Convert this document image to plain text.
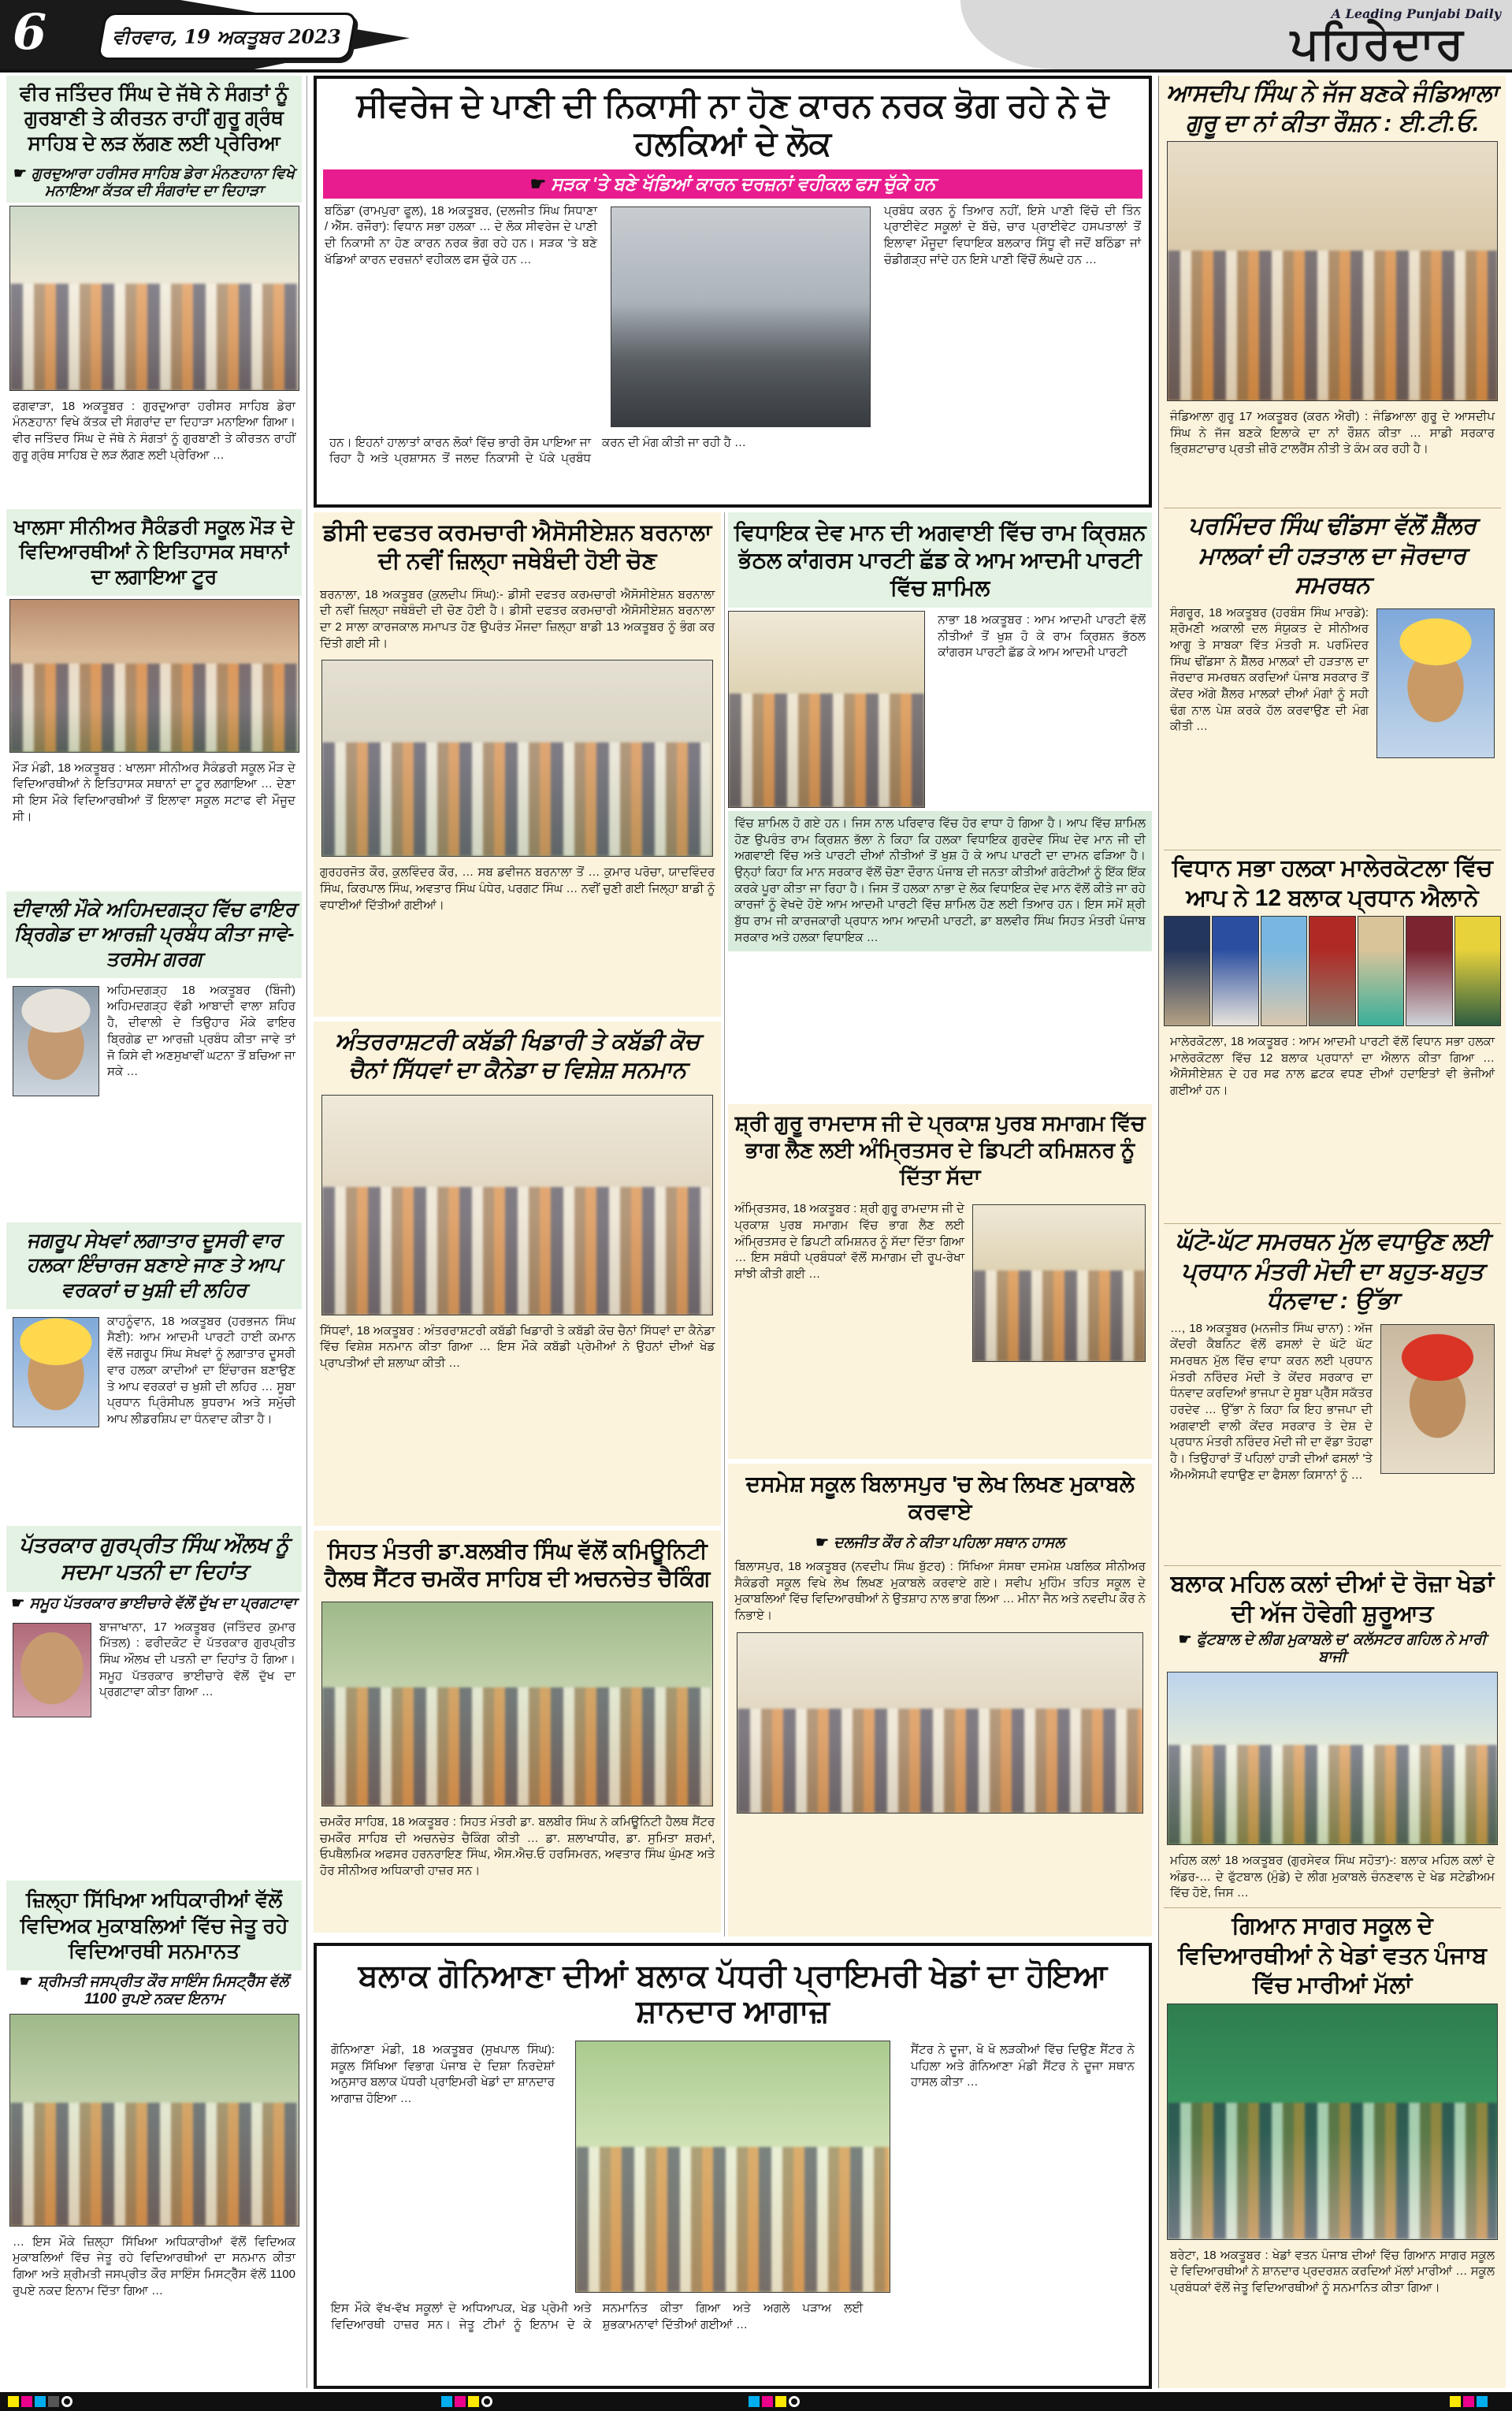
6	ਵੀਰਵਾਰ, 19 ਅਕਤੂਬਰ 2023
A Leading Punjabi Daily
ਪਹਿਰੇਦਾਰ
ਵੀਰ ਜਤਿੰਦਰ ਸਿੰਘ ਦੇ ਜੱਥੇ ਨੇ ਸੰਗਤਾਂ ਨੂੰ ਗੁਰਬਾਣੀ ਤੇ ਕੀਰਤਨ ਰਾਹੀਂ ਗੁਰੂ ਗ੍ਰੰਥ ਸਾਹਿਬ ਦੇ ਲੜ ਲੱਗਣ ਲਈ ਪ੍ਰੇਰਿਆ
☛ ਗੁਰਦੁਆਰਾ ਹਰੀਸਰ ਸਾਹਿਬ ਡੇਰਾ ਮੰਨਣਹਾਨਾ ਵਿਖੇ ਮਨਾਇਆ ਕੱਤਕ ਦੀ ਸੰਗਰਾਂਦ ਦਾ ਦਿਹਾੜਾ
ਫਗਵਾੜਾ, 18 ਅਕਤੂਬਰ : ਗੁਰਦੁਆਰਾ ਹਰੀਸਰ ਸਾਹਿਬ ਡੇਰਾ ਮੰਨਣਹਾਨਾ ਵਿਖੇ ਕੱਤਕ ਦੀ ਸੰਗਰਾਂਦ ਦਾ ਦਿਹਾੜਾ ਮਨਾਇਆ ਗਿਆ। ਵੀਰ ਜਤਿੰਦਰ ਸਿੰਘ ਦੇ ਜੱਥੇ ਨੇ ਸੰਗਤਾਂ ਨੂੰ ਗੁਰਬਾਣੀ ਤੇ ਕੀਰਤਨ ਰਾਹੀਂ ਗੁਰੂ ਗ੍ਰੰਥ ਸਾਹਿਬ ਦੇ ਲੜ ਲੱਗਣ ਲਈ ਪ੍ਰੇਰਿਆ …
ਖਾਲਸਾ ਸੀਨੀਅਰ ਸੈਕੰਡਰੀ ਸਕੂਲ ਮੌੜ ਦੇ ਵਿਦਿਆਰਥੀਆਂ ਨੇ ਇਤਿਹਾਸਕ ਸਥਾਨਾਂ ਦਾ ਲਗਾਇਆ ਟੂਰ
ਮੌੜ ਮੰਡੀ, 18 ਅਕਤੂਬਰ : ਖਾਲਸਾ ਸੀਨੀਅਰ ਸੈਕੰਡਰੀ ਸਕੂਲ ਮੌੜ ਦੇ ਵਿਦਿਆਰਥੀਆਂ ਨੇ ਇਤਿਹਾਸਕ ਸਥਾਨਾਂ ਦਾ ਟੂਰ ਲਗਾਇਆ … ਦੇਣਾ ਸੀ ਇਸ ਮੌਕੇ ਵਿਦਿਆਰਥੀਆਂ ਤੋਂ ਇਲਾਵਾ ਸਕੂਲ ਸਟਾਫ ਵੀ ਮੌਜੂਦ ਸੀ।
ਦੀਵਾਲੀ ਮੌਕੇ ਅਹਿਮਦਗੜ੍ਹ ਵਿੱਚ ਫਾਇਰ ਬ੍ਰਿਗੇਡ ਦਾ ਆਰਜ਼ੀ ਪ੍ਰਬੰਧ ਕੀਤਾ ਜਾਵੇ-ਤਰਸੇਮ ਗਰਗ
ਅਹਿਮਦਗੜ੍ਹ 18 ਅਕਤੂਬਰ (ਬਿੰਜੀ) ਅਹਿਮਦਗੜ੍ਹ ਵੱਡੀ ਆਬਾਦੀ ਵਾਲਾ ਸ਼ਹਿਰ ਹੈ, ਦੀਵਾਲੀ ਦੇ ਤਿਉਹਾਰ ਮੌਕੇ ਫਾਇਰ ਬ੍ਰਿਗੇਡ ਦਾ ਆਰਜ਼ੀ ਪ੍ਰਬੰਧ ਕੀਤਾ ਜਾਵੇ ਤਾਂ ਜੋ ਕਿਸੇ ਵੀ ਅਣਸੁਖਾਵੀਂ ਘਟਨਾ ਤੋਂ ਬਚਿਆ ਜਾ ਸਕੇ …
ਜਗਰੂਪ ਸੇਖਵਾਂ ਲਗਾਤਾਰ ਦੂਸਰੀ ਵਾਰ ਹਲਕਾ ਇੰਚਾਰਜ ਬਣਾਏ ਜਾਣ ਤੇ ਆਪ ਵਰਕਰਾਂ ਚ ਖੁਸ਼ੀ ਦੀ ਲਹਿਰ
ਕਾਹਨੂੰਵਾਨ, 18 ਅਕਤੂਬਰ (ਹਰਭਜਨ ਸਿੰਘ ਸੈਣੀ): ਆਮ ਆਦਮੀ ਪਾਰਟੀ ਹਾਈ ਕਮਾਨ ਵੱਲੋਂ ਜਗਰੂਪ ਸਿੰਘ ਸੇਖਵਾਂ ਨੂੰ ਲਗਾਤਾਰ ਦੂਸਰੀ ਵਾਰ ਹਲਕਾ ਕਾਦੀਆਂ ਦਾ ਇੰਚਾਰਜ ਬਣਾਉਣ ਤੇ ਆਪ ਵਰਕਰਾਂ ਚ ਖੁਸ਼ੀ ਦੀ ਲਹਿਰ … ਸੂਬਾ ਪ੍ਰਧਾਨ ਪ੍ਰਿੰਸੀਪਲ ਬੁਧਰਾਮ ਅਤੇ ਸਮੁੱਚੀ ਆਪ ਲੀਡਰਸ਼ਿਪ ਦਾ ਧੰਨਵਾਦ ਕੀਤਾ ਹੈ।
ਪੱਤਰਕਾਰ ਗੁਰਪ੍ਰੀਤ ਸਿੰਘ ਔਲਖ ਨੂੰ ਸਦਮਾ ਪਤਨੀ ਦਾ ਦਿਹਾਂਤ
☛ ਸਮੂਹ ਪੱਤਰਕਾਰ ਭਾਈਚਾਰੇ ਵੱਲੋਂ ਦੁੱਖ ਦਾ ਪ੍ਰਗਟਾਵਾ
ਬਾਜਾਖਾਨਾ, 17 ਅਕਤੂਬਰ (ਜਤਿੰਦਰ ਕੁਮਾਰ ਮਿੱਤਲ) : ਫਰੀਦਕੋਟ ਦੇ ਪੱਤਰਕਾਰ ਗੁਰਪ੍ਰੀਤ ਸਿੰਘ ਔਲਖ ਦੀ ਪਤਨੀ ਦਾ ਦਿਹਾਂਤ ਹੋ ਗਿਆ। ਸਮੂਹ ਪੱਤਰਕਾਰ ਭਾਈਚਾਰੇ ਵੱਲੋਂ ਦੁੱਖ ਦਾ ਪ੍ਰਗਟਾਵਾ ਕੀਤਾ ਗਿਆ …
ਜ਼ਿਲ੍ਹਾ ਸਿੱਖਿਆ ਅਧਿਕਾਰੀਆਂ ਵੱਲੋਂ ਵਿਦਿਅਕ ਮੁਕਾਬਲਿਆਂ ਵਿੱਚ ਜੇਤੂ ਰਹੇ ਵਿਦਿਆਰਥੀ ਸਨਮਾਨਤ
☛ ਸ਼੍ਰੀਮਤੀ ਜਸਪ੍ਰੀਤ ਕੌਰ ਸਾਇੰਸ ਮਿਸਟ੍ਰੈੱਸ ਵੱਲੋਂ 1100 ਰੁਪਏ ਨਕਦ ਇਨਾਮ
… ਇਸ ਮੌਕੇ ਜ਼ਿਲ੍ਹਾ ਸਿੱਖਿਆ ਅਧਿਕਾਰੀਆਂ ਵੱਲੋਂ ਵਿਦਿਅਕ ਮੁਕਾਬਲਿਆਂ ਵਿੱਚ ਜੇਤੂ ਰਹੇ ਵਿਦਿਆਰਥੀਆਂ ਦਾ ਸਨਮਾਨ ਕੀਤਾ ਗਿਆ ਅਤੇ ਸ਼੍ਰੀਮਤੀ ਜਸਪ੍ਰੀਤ ਕੌਰ ਸਾਇੰਸ ਮਿਸਟ੍ਰੈੱਸ ਵੱਲੋਂ 1100 ਰੁਪਏ ਨਕਦ ਇਨਾਮ ਦਿੱਤਾ ਗਿਆ …
ਸੀਵਰੇਜ ਦੇ ਪਾਣੀ ਦੀ ਨਿਕਾਸੀ ਨਾ ਹੋਣ ਕਾਰਨ ਨਰਕ ਭੋਗ ਰਹੇ ਨੇ ਦੋ ਹਲਕਿਆਂ ਦੇ ਲੋਕ
☛ ਸੜਕ 'ਤੇ ਬਣੇ ਖੱਡਿਆਂ ਕਾਰਨ ਦਰਜ਼ਨਾਂ ਵਹੀਕਲ ਫਸ ਚੁੱਕੇ ਹਨ
ਬਠਿੰਡਾ (ਰਾਮਪੁਰਾ ਫੂਲ), 18 ਅਕਤੂਬਰ, (ਦਲਜੀਤ ਸਿੰਘ ਸਿਧਾਣਾ / ਐੱਸ. ਰਜੌਰਾ): ਵਿਧਾਨ ਸਭਾ ਹਲਕਾ … ਦੇ ਲੋਕ ਸੀਵਰੇਜ ਦੇ ਪਾਣੀ ਦੀ ਨਿਕਾਸੀ ਨਾ ਹੋਣ ਕਾਰਨ ਨਰਕ ਭੋਗ ਰਹੇ ਹਨ। ਸੜਕ 'ਤੇ ਬਣੇ ਖੱਡਿਆਂ ਕਾਰਨ ਦਰਜ਼ਨਾਂ ਵਹੀਕਲ ਫਸ ਚੁੱਕੇ ਹਨ …
ਪ੍ਰਬੰਧ ਕਰਨ ਨੂੰ ਤਿਆਰ ਨਹੀਂ, ਇਸੇ ਪਾਣੀ ਵਿੱਚੋ ਦੀ ਤਿੰਨ ਪ੍ਰਾਈਵੇਟ ਸਕੂਲਾਂ ਦੇ ਬੱਚੇ, ਚਾਰ ਪ੍ਰਾਈਵੇਟ ਹਸਪਤਾਲਾਂ ਤੋਂ ਇਲਾਵਾ ਮੌਜੂਦਾ ਵਿਧਾਇਕ ਬਲਕਾਰ ਸਿੱਧੂ ਵੀ ਜਦੋਂ ਬਠਿੰਡਾ ਜਾਂ ਚੰਡੀਗੜ੍ਹ ਜਾਂਦੇ ਹਨ ਇਸੇ ਪਾਣੀ ਵਿੱਚੋਂ ਲੰਘਦੇ ਹਨ …
ਹਨ। ਇਹਨਾਂ ਹਾਲਾਤਾਂ ਕਾਰਨ ਲੋਕਾਂ ਵਿੱਚ ਭਾਰੀ ਰੋਸ ਪਾਇਆ ਜਾ ਰਿਹਾ ਹੈ ਅਤੇ ਪ੍ਰਸ਼ਾਸਨ ਤੋਂ ਜਲਦ ਨਿਕਾਸੀ ਦੇ ਪੱਕੇ ਪ੍ਰਬੰਧ ਕਰਨ ਦੀ ਮੰਗ ਕੀਤੀ ਜਾ ਰਹੀ ਹੈ …
ਡੀਸੀ ਦਫਤਰ ਕਰਮਚਾਰੀ ਐਸੋਸੀਏਸ਼ਨ ਬਰਨਾਲਾ ਦੀ ਨਵੀਂ ਜ਼ਿਲ੍ਹਾ ਜਥੇਬੰਦੀ ਹੋਈ ਚੋਣ
ਬਰਨਾਲਾ, 18 ਅਕਤੂਬਰ (ਕੁਲਦੀਪ ਸਿੰਘ):- ਡੀਸੀ ਦਫਤਰ ਕਰਮਚਾਰੀ ਐਸੋਸੀਏਸ਼ਨ ਬਰਨਾਲਾ ਦੀ ਨਵੀਂ ਜ਼ਿਲ੍ਹਾ ਜਥੇਬੰਦੀ ਦੀ ਚੋਣ ਹੋਈ ਹੈ। ਡੀਸੀ ਦਫਤਰ ਕਰਮਚਾਰੀ ਐਸੋਸੀਏਸ਼ਨ ਬਰਨਾਲਾ ਦਾ 2 ਸਾਲਾ ਕਾਰਜਕਾਲ ਸਮਾਪਤ ਹੋਣ ਉਪਰੰਤ ਮੌਜਦਾ ਜ਼ਿਲ੍ਹਾ ਬਾਡੀ 13 ਅਕਤੂਬਰ ਨੂੰ ਭੰਗ ਕਰ ਦਿੱਤੀ ਗਈ ਸੀ।
ਗੁਰਹਰਜੋਤ ਕੌਰ, ਕੁਲਵਿੰਦਰ ਕੌਰ, … ਸਬ ਡਵੀਜਨ ਬਰਨਾਲਾ ਤੋਂ … ਕੁਮਾਰ ਪਰੋਚਾ, ਯਾਦਵਿੰਦਰ ਸਿੰਘ, ਕਿਰਪਾਲ ਸਿੰਘ, ਅਵਤਾਰ ਸਿੰਘ ਪੰਧੇਰ, ਪਰਗਟ ਸਿੰਘ … ਨਵੀਂ ਚੁਣੀ ਗਈ ਜਿਲ੍ਹਾ ਬਾਡੀ ਨੂੰ ਵਧਾਈਆਂ ਦਿੱਤੀਆਂ ਗਈਆਂ।
ਅੰਤਰਰਾਸ਼ਟਰੀ ਕਬੱਡੀ ਖਿਡਾਰੀ ਤੇ ਕਬੱਡੀ ਕੋਚ ਚੈਨਾਂ ਸਿੱਧਵਾਂ ਦਾ ਕੈਨੇਡਾ ਚ ਵਿਸ਼ੇਸ਼ ਸਨਮਾਨ
ਸਿੱਧਵਾਂ, 18 ਅਕਤੂਬਰ : ਅੰਤਰਰਾਸ਼ਟਰੀ ਕਬੱਡੀ ਖਿਡਾਰੀ ਤੇ ਕਬੱਡੀ ਕੋਚ ਚੈਨਾਂ ਸਿੱਧਵਾਂ ਦਾ ਕੈਨੇਡਾ ਵਿੱਚ ਵਿਸ਼ੇਸ਼ ਸਨਮਾਨ ਕੀਤਾ ਗਿਆ … ਇਸ ਮੌਕੇ ਕਬੱਡੀ ਪ੍ਰੇਮੀਆਂ ਨੇ ਉਹਨਾਂ ਦੀਆਂ ਖੇਡ ਪ੍ਰਾਪਤੀਆਂ ਦੀ ਸ਼ਲਾਘਾ ਕੀਤੀ …
ਸਿਹਤ ਮੰਤਰੀ ਡਾ.ਬਲਬੀਰ ਸਿੰਘ ਵੱਲੋਂ ਕਮਿਊਨਿਟੀ ਹੈਲਥ ਸੈਂਟਰ ਚਮਕੌਰ ਸਾਹਿਬ ਦੀ ਅਚਨਚੇਤ ਚੈਕਿੰਗ
ਚਮਕੌਰ ਸਾਹਿਬ, 18 ਅਕਤੂਬਰ : ਸਿਹਤ ਮੰਤਰੀ ਡਾ. ਬਲਬੀਰ ਸਿੰਘ ਨੇ ਕਮਿਊਨਿਟੀ ਹੈਲਥ ਸੈਂਟਰ ਚਮਕੌਰ ਸਾਹਿਬ ਦੀ ਅਚਨਚੇਤ ਚੈਕਿੰਗ ਕੀਤੀ … ਡਾ. ਸ਼ਲਾਖਾਧੀਰ, ਡਾ. ਸੁਮਿਤਾ ਸ਼ਰਮਾਂ, ਓਪਥੈਲਮਿਕ ਅਫਸਰ ਹਰਨਰਾਇਣ ਸਿੰਘ, ਐਸ.ਐਚ.ਓ ਹਰਸਿਮਰਨ, ਅਵਤਾਰ ਸਿੰਘ ਘੁੰਮਣ ਅਤੇ ਹੋਰ ਸੀਨੀਅਰ ਅਧਿਕਾਰੀ ਹਾਜ਼ਰ ਸਨ।
ਵਿਧਾਇਕ ਦੇਵ ਮਾਨ ਦੀ ਅਗਵਾਈ ਵਿੱਚ ਰਾਮ ਕ੍ਰਿਸ਼ਨ ਭੱਠਲ ਕਾਂਗਰਸ ਪਾਰਟੀ ਛੱਡ ਕੇ ਆਮ ਆਦਮੀ ਪਾਰਟੀ ਵਿੱਚ ਸ਼ਾਮਿਲ
ਨਾਭਾ 18 ਅਕਤੂਬਰ : ਆਮ ਆਦਮੀ ਪਾਰਟੀ ਵੱਲੋਂ ਨੀਤੀਆਂ ਤੋਂ ਖੁਸ਼ ਹੋ ਕੇ ਰਾਮ ਕ੍ਰਿਸ਼ਨ ਭੱਠਲ ਕਾਂਗਰਸ ਪਾਰਟੀ ਛੱਡ ਕੇ ਆਮ ਆਦਮੀ ਪਾਰਟੀ
ਵਿੱਚ ਸ਼ਾਮਿਲ ਹੋ ਗਏ ਹਨ। ਜਿਸ ਨਾਲ ਪਰਿਵਾਰ ਵਿੱਚ ਹੋਰ ਵਾਧਾ ਹੋ ਗਿਆ ਹੈ। ਆਪ ਵਿੱਚ ਸ਼ਾਮਿਲ ਹੋਣ ਉਪਰੰਤ ਰਾਮ ਕ੍ਰਿਸ਼ਨ ਭੱਲਾ ਨੇ ਕਿਹਾ ਕਿ ਹਲਕਾ ਵਿਧਾਇਕ ਗੁਰਦੇਵ ਸਿੰਘ ਦੇਵ ਮਾਨ ਜੀ ਦੀ ਅਗਵਾਈ ਵਿੱਚ ਅਤੇ ਪਾਰਟੀ ਦੀਆਂ ਨੀਤੀਆਂ ਤੋਂ ਖੁਸ਼ ਹੋ ਕੇ ਆਪ ਪਾਰਟੀ ਦਾ ਦਾਮਨ ਫੜਿਆ ਹੈ। ਉਨ੍ਹਾਂ ਕਿਹਾ ਕਿ ਮਾਨ ਸਰਕਾਰ ਵੱਲੋਂ ਚੋਣਾ ਦੌਰਾਨ ਪੰਜਾਬ ਦੀ ਜਨਤਾ ਕੀਤੀਆਂ ਗਰੰਟੀਆਂ ਨੂੰ ਇੱਕ ਇੱਕ ਕਰਕੇ ਪੂਰਾ ਕੀਤਾ ਜਾ ਰਿਹਾ ਹੈ। ਜਿਸ ਤੋਂ ਹਲਕਾ ਨਾਭਾ ਦੇ ਲੋਕ ਵਿਧਾਇਕ ਦੇਵ ਮਾਨ ਵੱਲੋਂ ਕੀਤੇ ਜਾ ਰਹੇ ਕਾਰਜਾਂ ਨੂੰ ਵੇਖਦੇ ਹੋਏ ਆਮ ਆਦਮੀ ਪਾਰਟੀ ਵਿੱਚ ਸ਼ਾਮਿਲ ਹੋਣ ਲਈ ਤਿਆਰ ਹਨ। ਇਸ ਸਮੇਂ ਸ਼੍ਰੀ ਬੁੱਧ ਰਾਮ ਜੀ ਕਾਰਜਕਾਰੀ ਪ੍ਰਧਾਨ ਆਮ ਆਦਮੀ ਪਾਰਟੀ, ਡਾ ਬਲਵੀਰ ਸਿੰਘ ਸਿਹਤ ਮੰਤਰੀ ਪੰਜਾਬ ਸਰਕਾਰ ਅਤੇ ਹਲਕਾ ਵਿਧਾਇਕ …
ਸ਼੍ਰੀ ਗੁਰੂ ਰਾਮਦਾਸ ਜੀ ਦੇ ਪ੍ਰਕਾਸ਼ ਪੁਰਬ ਸਮਾਗਮ ਵਿੱਚ ਭਾਗ ਲੈਣ ਲਈ ਅੰਮ੍ਰਿਤਸਰ ਦੇ ਡਿਪਟੀ ਕਮਿਸ਼ਨਰ ਨੂੰ ਦਿੱਤਾ ਸੱਦਾ
ਅੰਮ੍ਰਿਤਸਰ, 18 ਅਕਤੂਬਰ : ਸ਼੍ਰੀ ਗੁਰੂ ਰਾਮਦਾਸ ਜੀ ਦੇ ਪ੍ਰਕਾਸ਼ ਪੁਰਬ ਸਮਾਗਮ ਵਿੱਚ ਭਾਗ ਲੈਣ ਲਈ ਅੰਮ੍ਰਿਤਸਰ ਦੇ ਡਿਪਟੀ ਕਮਿਸ਼ਨਰ ਨੂੰ ਸੱਦਾ ਦਿੱਤਾ ਗਿਆ … ਇਸ ਸਬੰਧੀ ਪ੍ਰਬੰਧਕਾਂ ਵੱਲੋਂ ਸਮਾਗਮ ਦੀ ਰੂਪ-ਰੇਖਾ ਸਾਂਝੀ ਕੀਤੀ ਗਈ …
ਦਸਮੇਸ਼ ਸਕੂਲ ਬਿਲਾਸਪੁਰ 'ਚ ਲੇਖ ਲਿਖਣ ਮੁਕਾਬਲੇ ਕਰਵਾਏ
☛ ਦਲਜੀਤ ਕੌਰ ਨੇ ਕੀਤਾ ਪਹਿਲਾ ਸਥਾਨ ਹਾਸਲ
ਬਿਲਾਸਪੁਰ, 18 ਅਕਤੂਬਰ (ਨਵਦੀਪ ਸਿੰਘ ਬੁੱਟਰ) : ਸਿੱਖਿਆ ਸੰਸਥਾ ਦਸਮੇਸ਼ ਪਬਲਿਕ ਸੀਨੀਅਰ ਸੈਕੰਡਰੀ ਸਕੂਲ ਵਿਖੇ ਲੇਖ ਲਿਖਣ ਮੁਕਾਬਲੇ ਕਰਵਾਏ ਗਏ। ਸਵੀਪ ਮੁਹਿੰਮ ਤਹਿਤ ਸਕੂਲ ਦੇ ਮੁਕਾਬਲਿਆਂ ਵਿੱਚ ਵਿਦਿਆਰਥੀਆਂ ਨੇ ਉਤਸ਼ਾਹ ਨਾਲ ਭਾਗ ਲਿਆ … ਮੀਨਾ ਜੈਨ ਅਤੇ ਨਵਦੀਪ ਕੌਰ ਨੇ ਨਿਭਾਏ।
ਬਲਾਕ ਗੋਨਿਆਣਾ ਦੀਆਂ ਬਲਾਕ ਪੱਧਰੀ ਪ੍ਰਾਇਮਰੀ ਖੇਡਾਂ ਦਾ ਹੋਇਆ ਸ਼ਾਨਦਾਰ ਆਗਾਜ਼
ਗੋਨਿਆਣਾ ਮੰਡੀ, 18 ਅਕਤੂਬਰ (ਸੁਖਪਾਲ ਸਿੰਘ): ਸਕੂਲ ਸਿੱਖਿਆ ਵਿਭਾਗ ਪੰਜਾਬ ਦੇ ਦਿਸ਼ਾ ਨਿਰਦੇਸ਼ਾਂ ਅਨੁਸਾਰ ਬਲਾਕ ਪੱਧਰੀ ਪ੍ਰਾਇਮਰੀ ਖੇਡਾਂ ਦਾ ਸ਼ਾਨਦਾਰ ਆਗਾਜ਼ ਹੋਇਆ …
ਸੈਂਟਰ ਨੇ ਦੂਜਾ, ਖੋ ਖੋ ਲੜਕੀਆਂ ਵਿੱਚ ਦਿਉਣ ਸੈਂਟਰ ਨੇ ਪਹਿਲਾ ਅਤੇ ਗੋਨਿਆਣਾ ਮੰਡੀ ਸੈਂਟਰ ਨੇ ਦੂਜਾ ਸਥਾਨ ਹਾਸਲ ਕੀਤਾ …
ਇਸ ਮੌਕੇ ਵੱਖ-ਵੱਖ ਸਕੂਲਾਂ ਦੇ ਅਧਿਆਪਕ, ਖੇਡ ਪ੍ਰੇਮੀ ਅਤੇ ਵਿਦਿਆਰਥੀ ਹਾਜ਼ਰ ਸਨ। ਜੇਤੂ ਟੀਮਾਂ ਨੂੰ ਇਨਾਮ ਦੇ ਕੇ ਸਨਮਾਨਿਤ ਕੀਤਾ ਗਿਆ ਅਤੇ ਅਗਲੇ ਪੜਾਅ ਲਈ ਸ਼ੁਭਕਾਮਨਾਵਾਂ ਦਿੱਤੀਆਂ ਗਈਆਂ …
ਆਸਦੀਪ ਸਿੰਘ ਨੇ ਜੱਜ ਬਣਕੇ ਜੰਡਿਆਲਾ ਗੁਰੂ ਦਾ ਨਾਂ ਕੀਤਾ ਰੌਸ਼ਨ : ਈ.ਟੀ.ਓ.
ਜੰਡਿਆਲਾ ਗੁਰੂ 17 ਅਕਤੂਬਰ (ਕਰਨ ਐਰੀ) : ਜੰਡਿਆਲਾ ਗੁਰੂ ਦੇ ਆਸਦੀਪ ਸਿੰਘ ਨੇ ਜੱਜ ਬਣਕੇ ਇਲਾਕੇ ਦਾ ਨਾਂ ਰੌਸ਼ਨ ਕੀਤਾ … ਸਾਡੀ ਸਰਕਾਰ ਭ੍ਰਿਸ਼ਟਾਚਾਰ ਪ੍ਰਤੀ ਜ਼ੀਰੋ ਟਾਲਰੈਂਸ ਨੀਤੀ ਤੇ ਕੰਮ ਕਰ ਰਹੀ ਹੈ।
ਪਰਮਿੰਦਰ ਸਿੰਘ ਢੀਂਡਸਾ ਵੱਲੋਂ ਸ਼ੈੱਲਰ ਮਾਲਕਾਂ ਦੀ ਹੜਤਾਲ ਦਾ ਜੋਰਦਾਰ ਸਮਰਥਨ
ਸੰਗਰੂਰ, 18 ਅਕਤੂਬਰ (ਹਰਬੰਸ ਸਿੰਘ ਮਾਰਡੇ): ਸ਼੍ਰੋਮਣੀ ਅਕਾਲੀ ਦਲ ਸੰਯੁਕਤ ਦੇ ਸੀਨੀਅਰ ਆਗੂ ਤੇ ਸਾਬਕਾ ਵਿੱਤ ਮੰਤਰੀ ਸ. ਪਰਮਿੰਦਰ ਸਿੰਘ ਢੀਂਡਸਾ ਨੇ ਸ਼ੈੱਲਰ ਮਾਲਕਾਂ ਦੀ ਹੜਤਾਲ ਦਾ ਜੋਰਦਾਰ ਸਮਰਥਨ ਕਰਦਿਆਂ ਪੰਜਾਬ ਸਰਕਾਰ ਤੋਂ ਕੇਂਦਰ ਅੱਗੇ ਸ਼ੈੱਲਰ ਮਾਲਕਾਂ ਦੀਆਂ ਮੰਗਾਂ ਨੂੰ ਸਹੀ ਢੰਗ ਨਾਲ ਪੇਸ਼ ਕਰਕੇ ਹੱਲ ਕਰਵਾਉਣ ਦੀ ਮੰਗ ਕੀਤੀ …
ਵਿਧਾਨ ਸਭਾ ਹਲਕਾ ਮਾਲੇਰਕੋਟਲਾ ਵਿੱਚ ਆਪ ਨੇ 12 ਬਲਾਕ ਪ੍ਰਧਾਨ ਐਲਾਨੇ
ਮਾਲੇਰਕੋਟਲਾ, 18 ਅਕਤੂਬਰ : ਆਮ ਆਦਮੀ ਪਾਰਟੀ ਵੱਲੋਂ ਵਿਧਾਨ ਸਭਾ ਹਲਕਾ ਮਾਲੇਰਕੋਟਲਾ ਵਿੱਚ 12 ਬਲਾਕ ਪ੍ਰਧਾਨਾਂ ਦਾ ਐਲਾਨ ਕੀਤਾ ਗਿਆ … ਐਸੋਸੀਏਸ਼ਨ ਦੇ ਹਰ ਸਫ ਨਾਲ ਛਟਕ ਵਧਣ ਦੀਆਂ ਹਦਾਇਤਾਂ ਵੀ ਭੇਜੀਆਂ ਗਈਆਂ ਹਨ।
ਘੱਟੋ-ਘੱਟ ਸਮਰਥਨ ਮੁੱਲ ਵਧਾਉਣ ਲਈ ਪ੍ਰਧਾਨ ਮੰਤਰੀ ਮੋਦੀ ਦਾ ਬਹੁਤ-ਬਹੁਤ ਧੰਨਵਾਦ : ਉੱਭਾ
…, 18 ਅਕਤੂਬਰ (ਮਨਜੀਤ ਸਿੰਘ ਚਾਨਾ) : ਅੱਜ ਕੇਂਦਰੀ ਕੈਬਨਿਟ ਵੱਲੋਂ ਫਸਲਾਂ ਦੇ ਘੱਟੋ ਘੱਟ ਸਮਰਥਨ ਮੁੱਲ ਵਿੱਚ ਵਾਧਾ ਕਰਨ ਲਈ ਪ੍ਰਧਾਨ ਮੰਤਰੀ ਨਰਿੰਦਰ ਮੋਦੀ ਤੇ ਕੇਂਦਰ ਸਰਕਾਰ ਦਾ ਧੰਨਵਾਦ ਕਰਦਿਆਂ ਭਾਜਪਾ ਦੇ ਸੂਬਾ ਪ੍ਰੈੱਸ ਸਕੱਤਰ ਹਰਦੇਵ … ਉੱਭਾ ਨੇ ਕਿਹਾ ਕਿ ਇਹ ਭਾਜਪਾ ਦੀ ਅਗਵਾਈ ਵਾਲੀ ਕੇਂਦਰ ਸਰਕਾਰ ਤੇ ਦੇਸ਼ ਦੇ ਪ੍ਰਧਾਨ ਮੰਤਰੀ ਨਰਿੰਦਰ ਮੋਦੀ ਜੀ ਦਾ ਵੱਡਾ ਤੋਹਫਾ ਹੈ। ਤਿਉਹਾਰਾਂ ਤੋਂ ਪਹਿਲਾਂ ਹਾੜੀ ਦੀਆਂ ਫਸਲਾਂ 'ਤੇ ਐਮਐਸਪੀ ਵਧਾਉਣ ਦਾ ਫੈਸਲਾ ਕਿਸਾਨਾਂ ਨੂੰ …
ਬਲਾਕ ਮਹਿਲ ਕਲਾਂ ਦੀਆਂ ਦੋ ਰੋਜ਼ਾ ਖੇਡਾਂ ਦੀ ਅੱਜ ਹੋਵੇਗੀ ਸ਼ੁਰੂਆਤ
☛ ਫੁੱਟਬਾਲ ਦੇ ਲੀਗ ਮੁਕਾਬਲੇ ਚ' ਕਲੱਸਟਰ ਗਹਿਲ ਨੇ ਮਾਰੀ ਬਾਜੀ
ਮਹਿਲ ਕਲਾਂ 18 ਅਕਤੂਬਰ (ਗੁਰਸੇਵਕ ਸਿੰਘ ਸਹੋਤਾ)-: ਬਲਾਕ ਮਹਿਲ ਕਲਾਂ ਦੇ ਅੰਡਰ-… ਦੇ ਫੁੱਟਬਾਲ (ਮੁੰਡੇ) ਦੇ ਲੀਗ ਮੁਕਾਬਲੇ ਚੰਨਣਵਾਲ ਦੇ ਖੇਡ ਸਟੇਡੀਅਮ ਵਿੱਚ ਹੋਏ, ਜਿਸ …
ਗਿਆਨ ਸਾਗਰ ਸਕੂਲ ਦੇ ਵਿਦਿਆਰਥੀਆਂ ਨੇ ਖੇਡਾਂ ਵਤਨ ਪੰਜਾਬ ਵਿੱਚ ਮਾਰੀਆਂ ਮੱਲਾਂ
ਬਰੇਟਾ, 18 ਅਕਤੂਬਰ : ਖੇਡਾਂ ਵਤਨ ਪੰਜਾਬ ਦੀਆਂ ਵਿੱਚ ਗਿਆਨ ਸਾਗਰ ਸਕੂਲ ਦੇ ਵਿਦਿਆਰਥੀਆਂ ਨੇ ਸ਼ਾਨਦਾਰ ਪ੍ਰਦਰਸ਼ਨ ਕਰਦਿਆਂ ਮੱਲਾਂ ਮਾਰੀਆਂ … ਸਕੂਲ ਪ੍ਰਬੰਧਕਾਂ ਵੱਲੋਂ ਜੇਤੂ ਵਿਦਿਆਰਥੀਆਂ ਨੂੰ ਸਨਮਾਨਿਤ ਕੀਤਾ ਗਿਆ।
